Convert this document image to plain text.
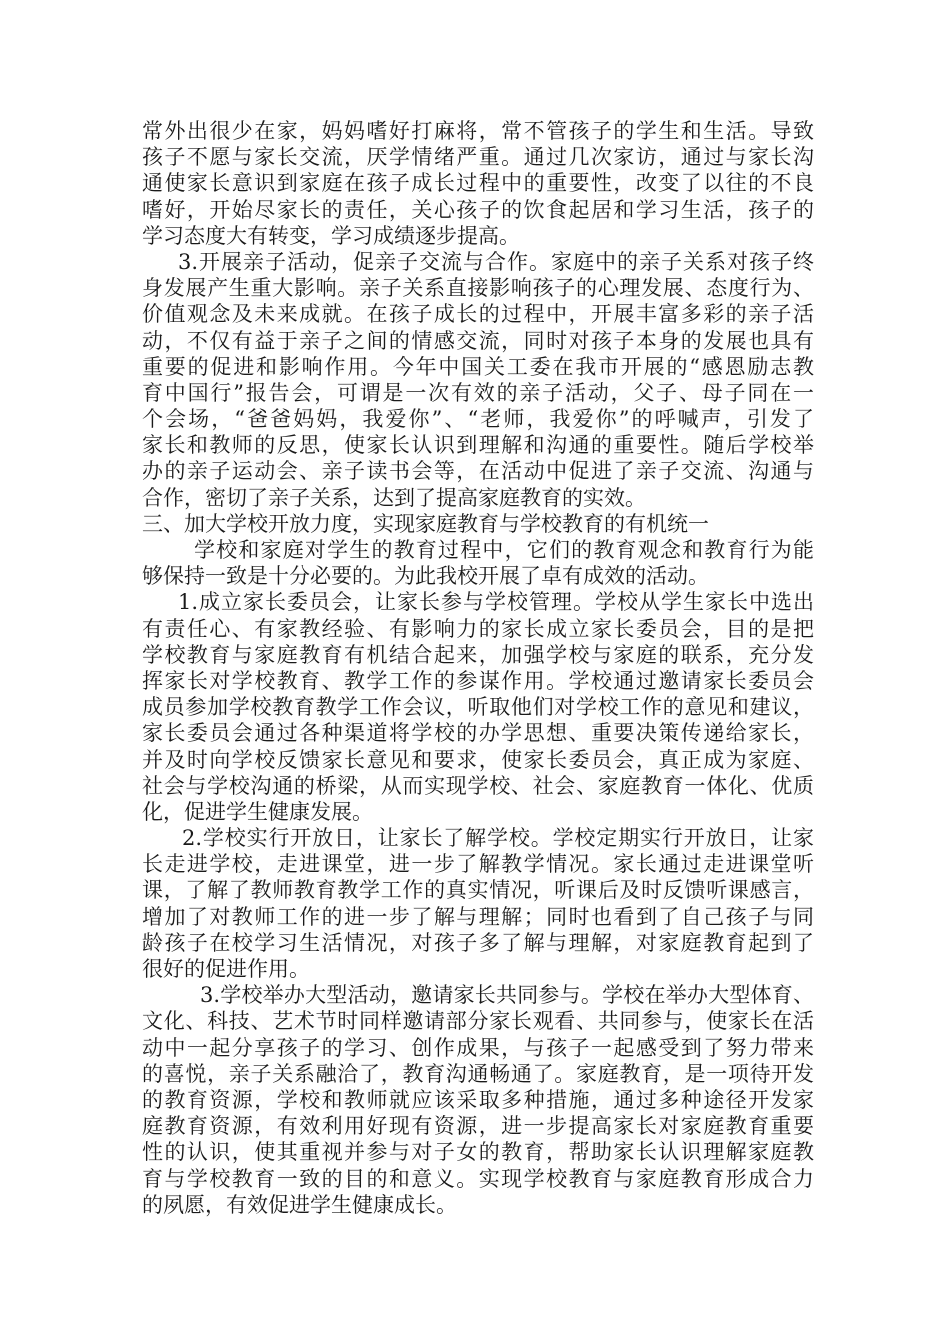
常外出很少在家，妈妈嗜好打麻将，常不管孩子的学生和生活。导致
孩子不愿与家长交流，厌学情绪严重。通过几次家访，通过与家长沟
通使家长意识到家庭在孩子成长过程中的重要性，改变了以往的不良
嗜好，开始尽家长的责任，关心孩子的饮食起居和学习生活，孩子的
学习态度大有转变，学习成绩逐步提高。
3.开展亲子活动，促亲子交流与合作。家庭中的亲子关系对孩子终
身发展产生重大影响。亲子关系直接影响孩子的心理发展、态度行为、
价值观念及未来成就。在孩子成长的过程中，开展丰富多彩的亲子活
动，不仅有益于亲子之间的情感交流，同时对孩子本身的发展也具有
重要的促进和影响作用。今年中国关工委在我市开展的“感恩励志教
育中国行”报告会，可谓是一次有效的亲子活动，父子、母子同在一
个会场，“爸爸妈妈，我爱你”、“老师，我爱你”的呼喊声，引发了
家长和教师的反思，使家长认识到理解和沟通的重要性。随后学校举
办的亲子运动会、亲子读书会等，在活动中促进了亲子交流、沟通与
合作，密切了亲子关系，达到了提高家庭教育的实效。
三、加大学校开放力度，实现家庭教育与学校教育的有机统一
学校和家庭对学生的教育过程中，它们的教育观念和教育行为能
够保持一致是十分必要的。为此我校开展了卓有成效的活动。
1.成立家长委员会，让家长参与学校管理。学校从学生家长中选出
有责任心、有家教经验、有影响力的家长成立家长委员会，目的是把
学校教育与家庭教育有机结合起来，加强学校与家庭的联系，充分发
挥家长对学校教育、教学工作的参谋作用。学校通过邀请家长委员会
成员参加学校教育教学工作会议，听取他们对学校工作的意见和建议，
家长委员会通过各种渠道将学校的办学思想、重要决策传递给家长，
并及时向学校反馈家长意见和要求，使家长委员会，真正成为家庭、
社会与学校沟通的桥梁，从而实现学校、社会、家庭教育一体化、优质
化，促进学生健康发展。
2.学校实行开放日，让家长了解学校。学校定期实行开放日，让家
长走进学校，走进课堂，进一步了解教学情况。家长通过走进课堂听
课，了解了教师教育教学工作的真实情况，听课后及时反馈听课感言，
增加了对教师工作的进一步了解与理解；同时也看到了自己孩子与同
龄孩子在校学习生活情况，对孩子多了解与理解，对家庭教育起到了
很好的促进作用。
3.学校举办大型活动，邀请家长共同参与。学校在举办大型体育、
文化、科技、艺术节时同样邀请部分家长观看、共同参与，使家长在活
动中一起分享孩子的学习、创作成果，与孩子一起感受到了努力带来
的喜悦，亲子关系融洽了，教育沟通畅通了。家庭教育，是一项待开发
的教育资源，学校和教师就应该采取多种措施，通过多种途径开发家
庭教育资源，有效利用好现有资源，进一步提高家长对家庭教育重要
性的认识，使其重视并参与对子女的教育，帮助家长认识理解家庭教
育与学校教育一致的目的和意义。实现学校教育与家庭教育形成合力
的夙愿，有效促进学生健康成长。
